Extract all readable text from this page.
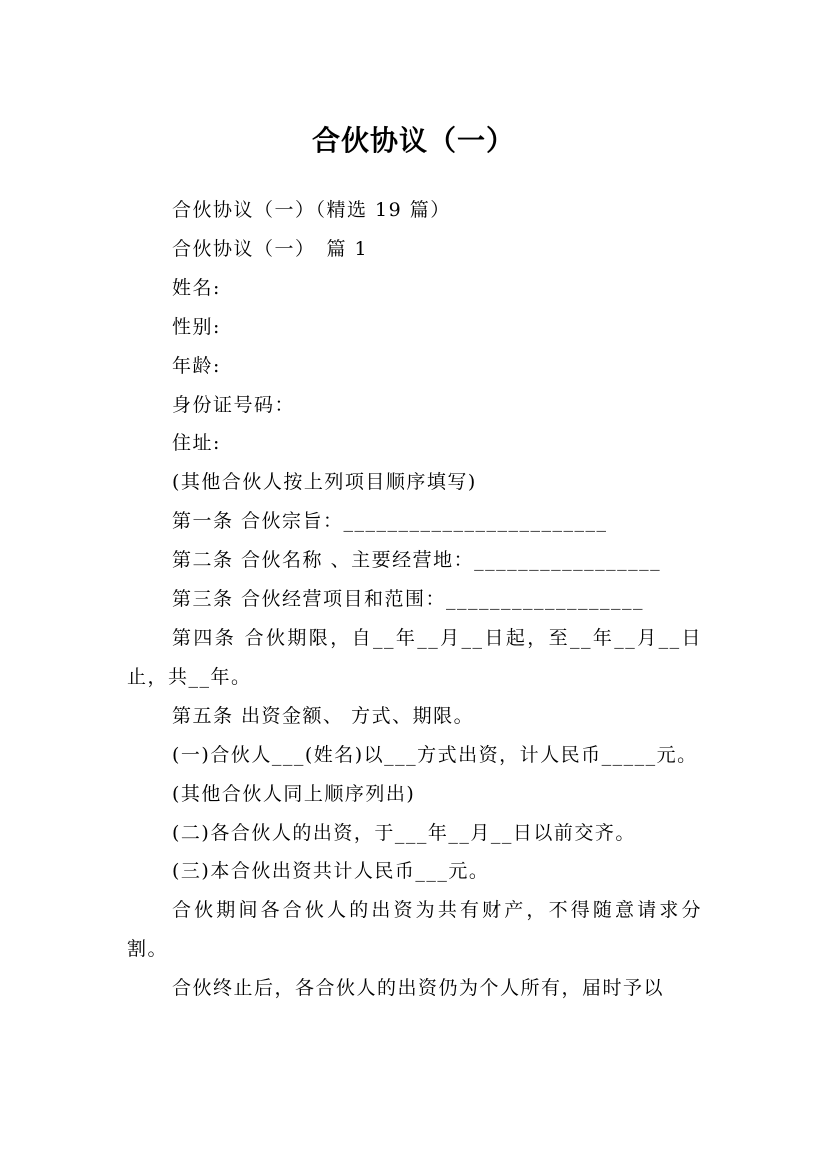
合伙协议（一）

合伙协议（一）（精选 19 篇）

合伙协议（一）　篇 1

姓名:

性别:

年龄:

身份证号码：

住址:

(其他合伙人按上列项目顺序填写)

第一条 合伙宗旨：________________________

第二条 合伙名称 、主要经营地：_________________

第三条 合伙经营项目和范围：__________________

第四条 合伙期限，自__年__月__日起，至__年__月__日止，共__年。

第五条 出资金额、 方式、期限。

(一)合伙人___(姓名)以___方式出资，计人民币_____元。

(其他合伙人同上顺序列出)

(二)各合伙人的出资，于___年__月__日以前交齐。

(三)本合伙出资共计人民币___元。

合伙期间各合伙人的出资为共有财产，不得随意请求分割。

合伙终止后，各合伙人的出资仍为个人所有，届时予以
